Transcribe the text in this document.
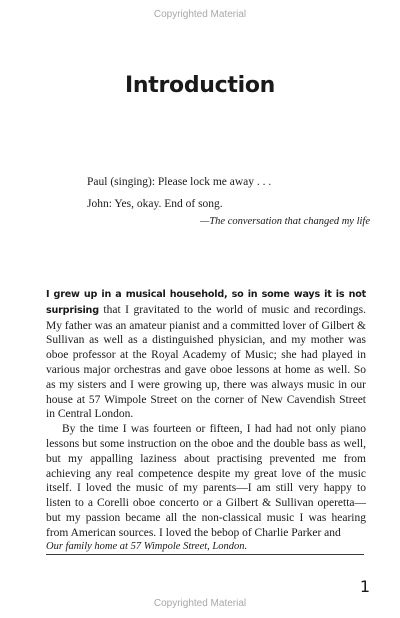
Copyrighted Material
Introduction
Paul (singing): Please lock me away . . .
John: Yes, okay. End of song.
—The conversation that changed my life

I grew up in a musical household, so in some ways it is not surprising that I gravitated to the world of music and recordings. My father was an amateur pianist and a committed lover of Gilbert & Sullivan as well as a distinguished physician, and my mother was oboe professor at the Royal Academy of Music; she had played in various major orchestras and gave oboe lessons at home as well. So as my sisters and I were growing up, there was always music in our house at 57 Wimpole Street on the corner of New Cavendish Street in Central London.

By the time I was fourteen or fifteen, I had had not only piano lessons but some instruction on the oboe and the double bass as well, but my appalling laziness about practising prevented me from achieving any real competence despite my great love of the music itself. I loved the music of my parents—I am still very happy to listen to a Corelli oboe concerto or a Gilbert & Sullivan operetta—but my passion became all the non-classical music I was hearing from American sources. I loved the bebop of Charlie Parker and

Our family home at 57 Wimpole Street, London.
1
Copyrighted Material
